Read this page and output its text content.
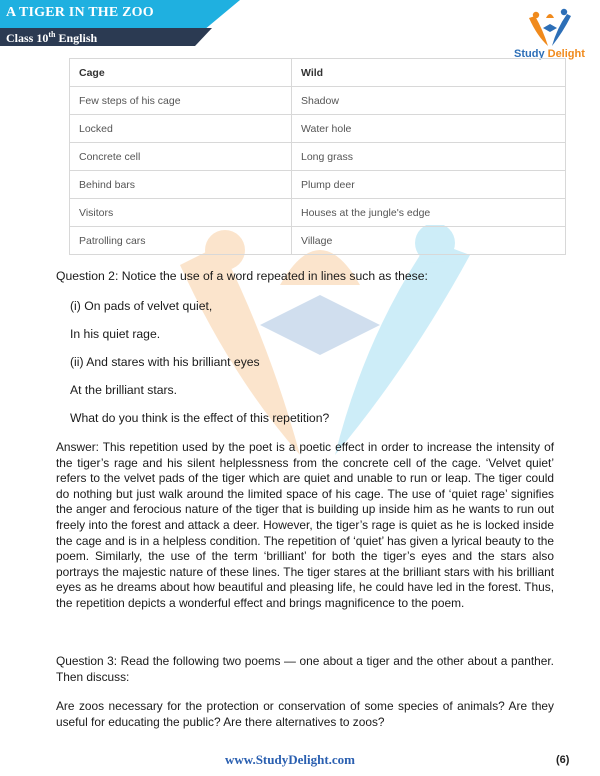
A TIGER IN THE ZOO
Class 10th English
Study Delight
Cage	Wild
Few steps of his cage	Shadow
Locked	Water hole
Concrete cell	Long grass
Behind bars	Plump deer
Visitors	Houses at the jungle's edge
Patrolling cars	Village
Question 2: Notice the use of a word repeated in lines such as these:
(i) On pads of velvet quiet,
In his quiet rage.
(ii) And stares with his brilliant eyes
At the brilliant stars.
What do you think is the effect of this repetition?
Answer: This repetition used by the poet is a poetic effect in order to increase the intensity of the tiger’s rage and his silent helplessness from the concrete cell of the cage. ‘Velvet quiet’ refers to the velvet pads of the tiger which are quiet and unable to run or leap. The tiger could do nothing but just walk around the limited space of his cage. The use of ‘quiet rage’ signifies the anger and ferocious nature of the tiger that is building up inside him as he wants to run out freely into the forest and attack a deer. However, the tiger’s rage is quiet as he is locked inside the cage and is in a helpless condition. The repetition of ‘quiet’ has given a lyrical beauty to the poem. Similarly, the use of the term ‘brilliant’ for both the tiger’s eyes and the stars also portrays the majestic nature of these lines. The tiger stares at the brilliant stars with his brilliant eyes as he dreams about how beautiful and pleasing life, he could have led in the forest. Thus, the repetition depicts a wonderful effect and brings magnificence to the poem.
Question 3: Read the following two poems — one about a tiger and the other about a panther. Then discuss:
Are zoos necessary for the protection or conservation of some species of animals? Are they useful for educating the public? Are there alternatives to zoos?
www.StudyDelight.com	(6)
